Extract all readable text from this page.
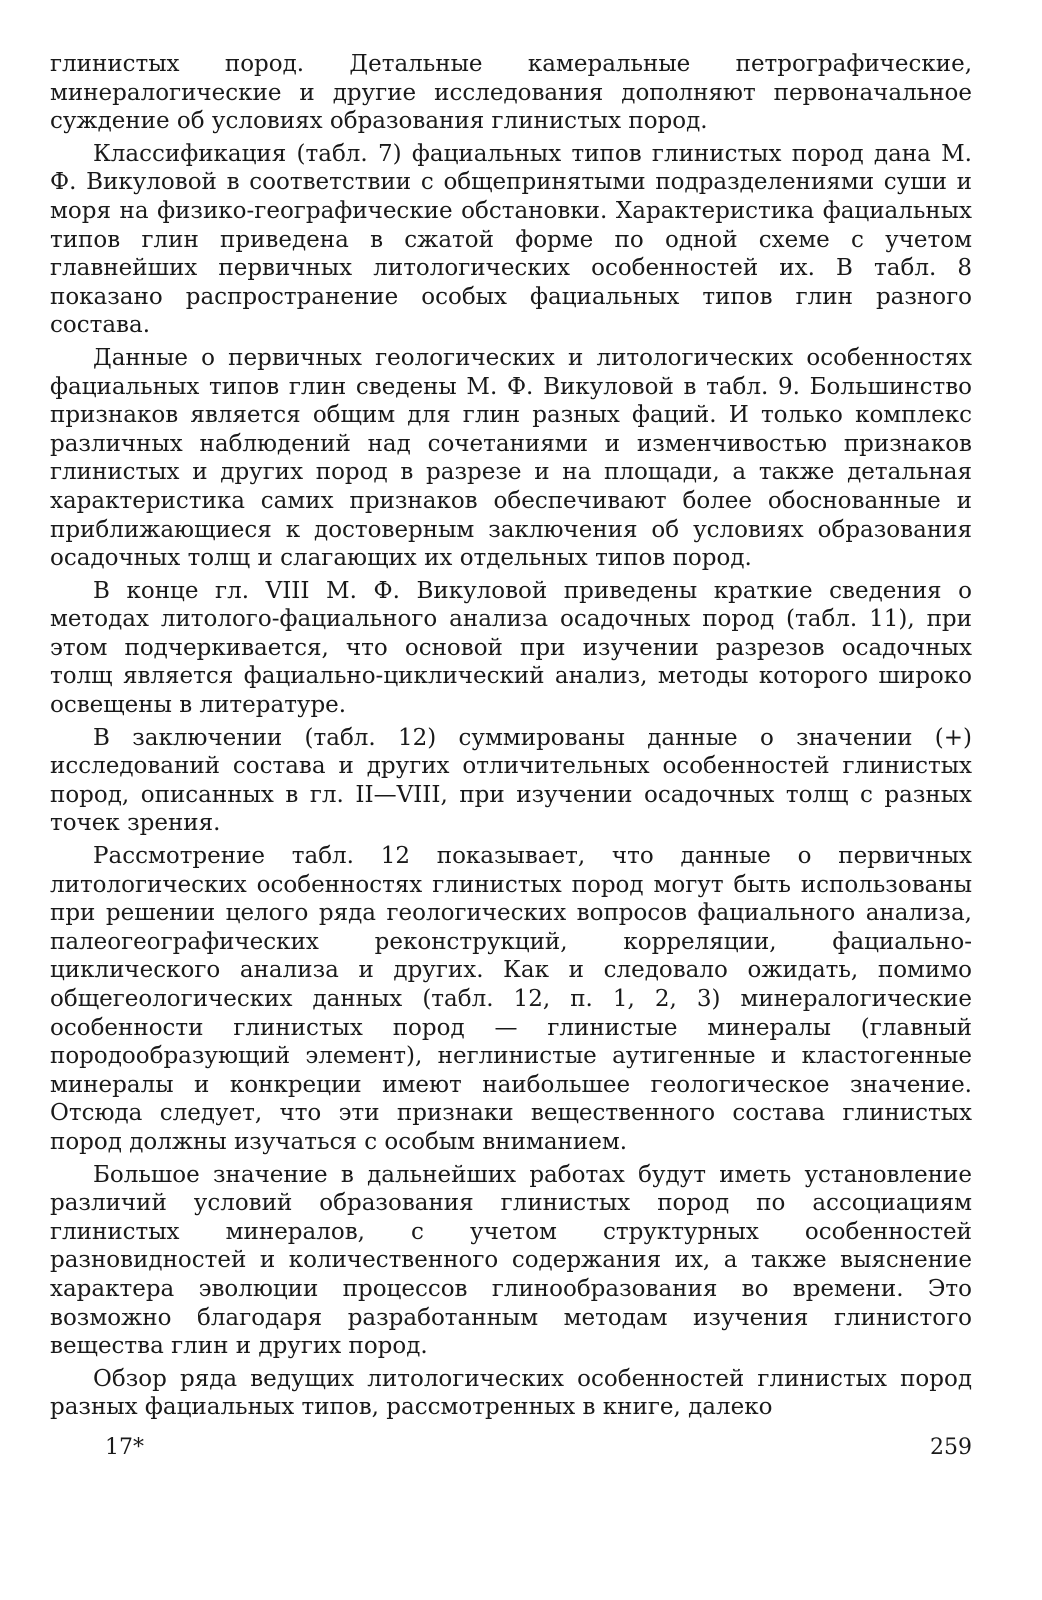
глинистых пород. Детальные камеральные петрографические, минералогические и другие исследования дополняют первоначальное суждение об условиях образования глинистых пород.

Классификация (табл. 7) фациальных типов глинистых пород дана М. Ф. Викуловой в соответствии с общепринятыми подразделениями суши и моря на физико-географические обстановки. Характеристика фациальных типов глин приведена в сжатой форме по одной схеме с учетом главнейших первичных литологических особенностей их. В табл. 8 показано распространение особых фациальных типов глин разного состава.

Данные о первичных геологических и литологических особенностях фациальных типов глин сведены М. Ф. Викуловой в табл. 9. Большинство признаков является общим для глин разных фаций. И только комплекс различных наблюдений над сочетаниями и изменчивостью признаков глинистых и других пород в разрезе и на площади, а также детальная характеристика самих признаков обеспечивают более обоснованные и приближающиеся к достоверным заключения об условиях образования осадочных толщ и слагающих их отдельных типов пород.

В конце гл. VIII М. Ф. Викуловой приведены краткие сведения о методах литолого-фациального анализа осадочных пород (табл. 11), при этом подчеркивается, что основой при изучении разрезов осадочных толщ является фациально-циклический анализ, методы которого широко освещены в литературе.

В заключении (табл. 12) суммированы данные о значении (+) исследований состава и других отличительных особенностей глинистых пород, описанных в гл. II—VIII, при изучении осадочных толщ с разных точек зрения.

Рассмотрение табл. 12 показывает, что данные о первичных литологических особенностях глинистых пород могут быть использованы при решении целого ряда геологических вопросов фациального анализа, палеогеографических реконструкций, корреляции, фациально-циклического анализа и других. Как и следовало ожидать, помимо общегеологических данных (табл. 12, п. 1, 2, 3) минералогические особенности глинистых пород — глинистые минералы (главный породообразующий элемент), неглинистые аутигенные и кластогенные минералы и конкреции имеют наибольшее геологическое значение. Отсюда следует, что эти признаки вещественного состава глинистых пород должны изучаться с особым вниманием.

Большое значение в дальнейших работах будут иметь установление различий условий образования глинистых пород по ассоциациям глинистых минералов, с учетом структурных особенностей разновидностей и количественного содержания их, а также выяснение характера эволюции процессов глинообразования во времени. Это возможно благодаря разработанным методам изучения глинистого вещества глин и других пород.

Обзор ряда ведущих литологических особенностей глинистых пород разных фациальных типов, рассмотренных в книге, далеко

17*	259
